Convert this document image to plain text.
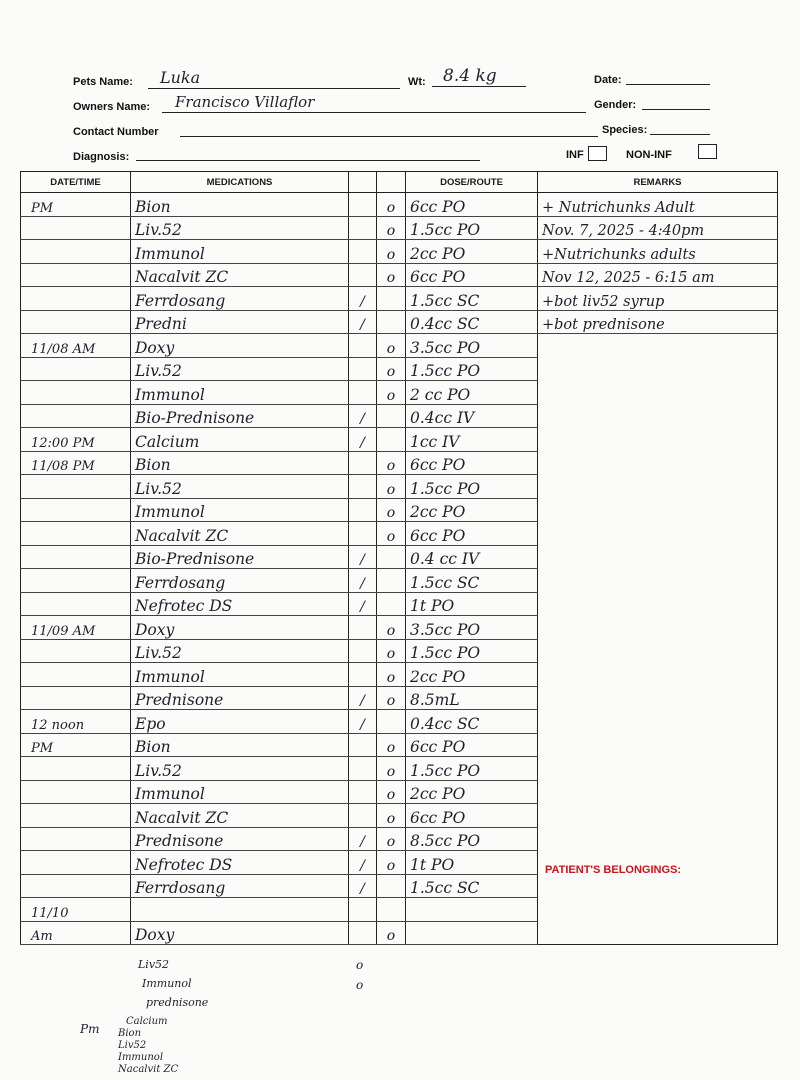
Pets Name: Luka	Wt: 8.4 kg	Date:
Owners Name: Francisco Villaflor	Gender:
Contact Number	Species:
Diagnosis:	INF	NON-INF
DATE/TIME	MEDICATIONS			DOSE/ROUTE	REMARKS
PM	Bion		o	6cc PO	+ Nutrichunks Adult
	Liv.52		o	1.5cc PO	Nov. 7, 2025 - 4:40pm
	Immunol		o	2cc PO	+Nutrichunks adults
	Nacalvit ZC		o	6cc PO	Nov 12, 2025 - 6:15 am
	Ferrdosang	/		1.5cc SC	+bot liv52 syrup
	Predni	/		0.4cc SC	+bot prednisone
11/08 AM	Doxy		o	3.5cc PO	
	Liv.52		o	1.5cc PO	
	Immunol		o	2 cc PO	
	Bio-Prednisone	/		0.4cc IV	
12:00 PM	Calcium	/		1cc IV	
11/08 PM	Bion		o	6cc PO	
	Liv.52		o	1.5cc PO	
	Immunol		o	2cc PO	
	Nacalvit ZC		o	6cc PO	
	Bio-Prednisone	/		0.4 cc IV	
	Ferrdosang	/		1.5cc SC	
	Nefrotec DS	/		1t PO	
11/09 AM	Doxy		o	3.5cc PO	
	Liv.52		o	1.5cc PO	
	Immunol		o	2cc PO	
	Prednisone	/	o	8.5mL	
12 noon	Epo	/		0.4cc SC	
PM	Bion		o	6cc PO	
	Liv.52		o	1.5cc PO	
	Immunol		o	2cc PO	
	Nacalvit ZC		o	6cc PO	
	Prednisone	/	o	8.5cc PO	
	Nefrotec DS	/	o	1t PO	
	Ferrdosang	/		1.5cc SC	
11/10					
Am	Doxy		o		
PATIENT'S BELONGINGS:
Liv52
Immunol
prednisone
o
o
Pm
Calcium
Bion
Liv52
Immunol
Nacalvit ZC
